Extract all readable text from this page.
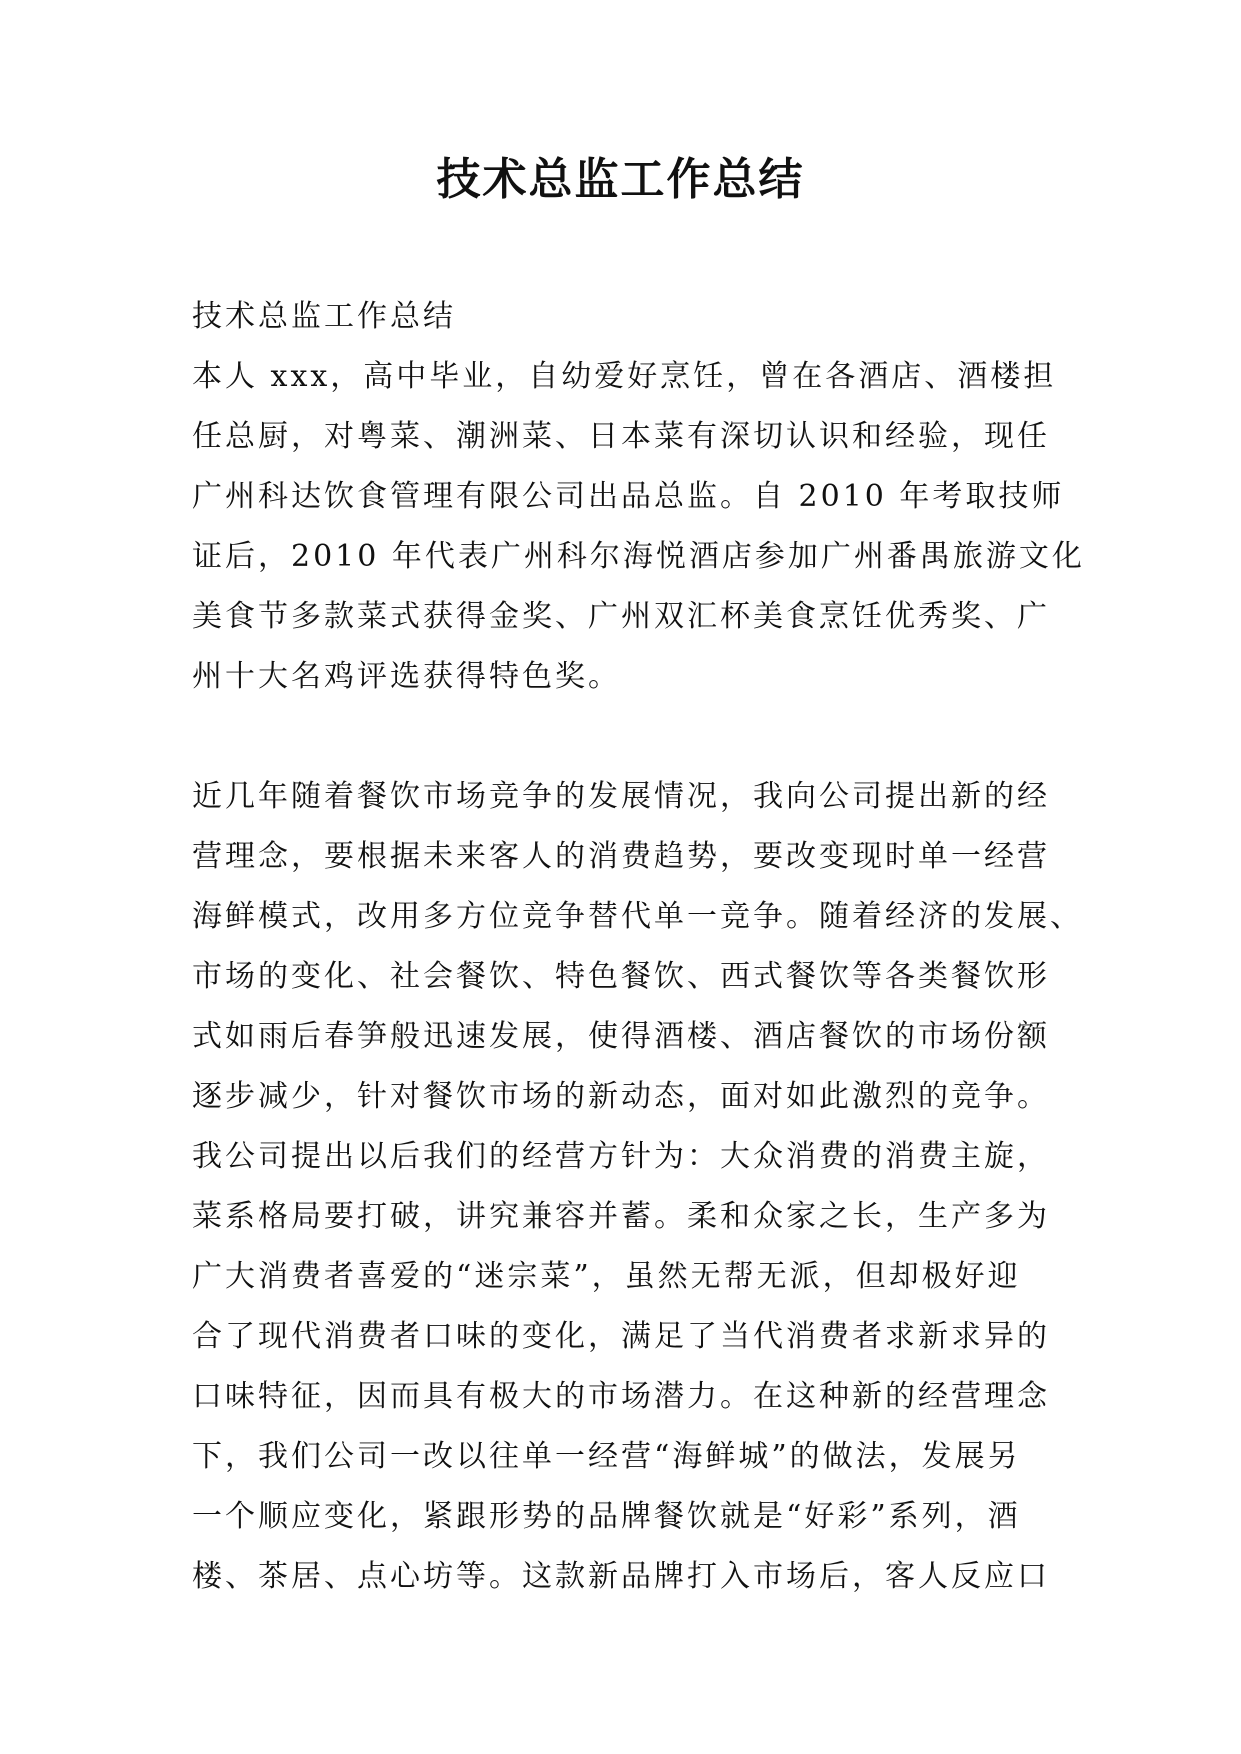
技术总监工作总结
技术总监工作总结
本人 xxx，高中毕业，自幼爱好烹饪，曾在各酒店、酒楼担
任总厨，对粤菜、潮洲菜、日本菜有深切认识和经验，现任
广州科达饮食管理有限公司出品总监。自 2010 年考取技师
证后，2010 年代表广州科尔海悦酒店参加广州番禺旅游文化
美食节多款菜式获得金奖、广州双汇杯美食烹饪优秀奖、广
州十大名鸡评选获得特色奖。
近几年随着餐饮市场竞争的发展情况，我向公司提出新的经
营理念，要根据未来客人的消费趋势，要改变现时单一经营
海鲜模式，改用多方位竞争替代单一竞争。随着经济的发展、
市场的变化、社会餐饮、特色餐饮、西式餐饮等各类餐饮形
式如雨后春笋般迅速发展，使得酒楼、酒店餐饮的市场份额
逐步减少，针对餐饮市场的新动态，面对如此激烈的竞争。
我公司提出以后我们的经营方针为：大众消费的消费主旋，
菜系格局要打破，讲究兼容并蓄。柔和众家之长，生产多为
广大消费者喜爱的“迷宗菜”，虽然无帮无派，但却极好迎
合了现代消费者口味的变化，满足了当代消费者求新求异的
口味特征，因而具有极大的市场潜力。在这种新的经营理念
下，我们公司一改以往单一经营“海鲜城”的做法，发展另
一个顺应变化，紧跟形势的品牌餐饮就是“好彩”系列，酒
楼、茶居、点心坊等。这款新品牌打入市场后，客人反应口
